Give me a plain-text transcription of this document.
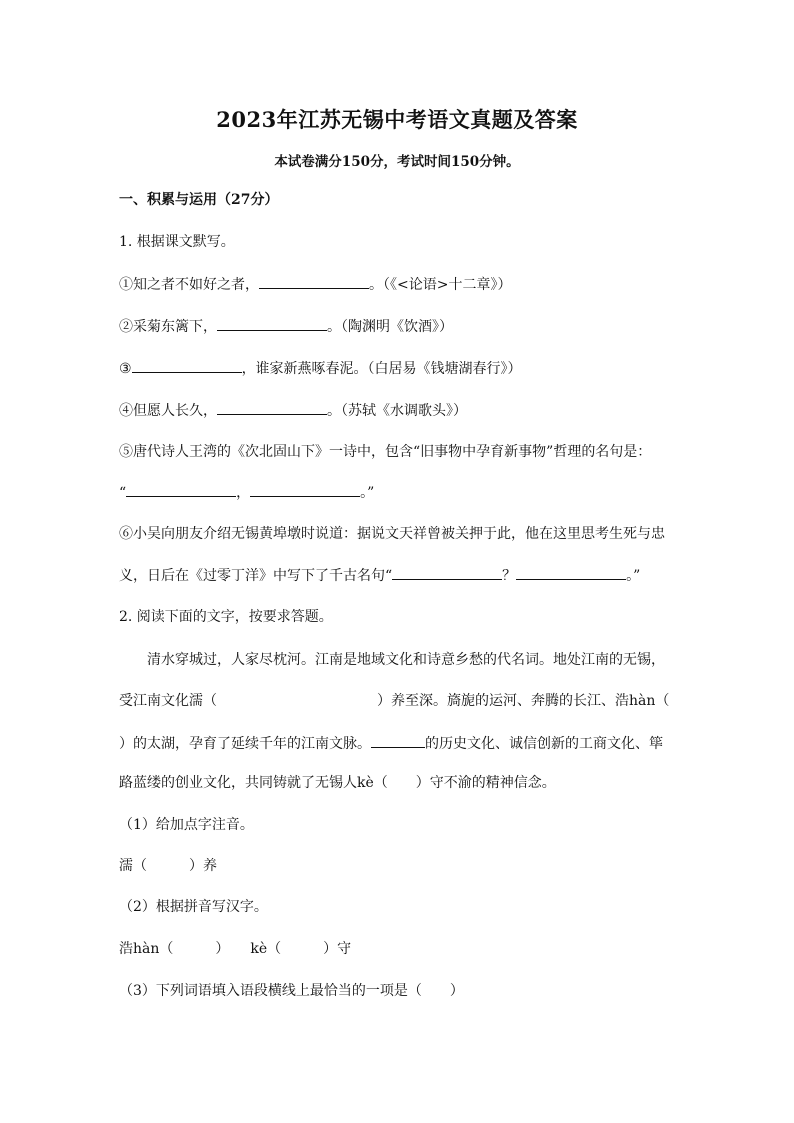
2023年江苏无锡中考语文真题及答案
本试卷满分150分，考试时间150分钟。
一、积累与运用（27分）
1. 根据课文默写。
①知之者不如好之者，	。（《<论语>十二章》）
②采菊东篱下，	。（陶渊明《饮酒》）
③	，谁家新燕啄春泥。（白居易《钱塘湖春行》）
④但愿人长久，	。（苏轼《水调歌头》）
⑤唐代诗人王湾的《次北固山下》一诗中，包含“旧事物中孕育新事物”哲理的名句是：
“	，	。”
⑥小吴向朋友介绍无锡黄埠墩时说道：据说文天祥曾被关押于此，他在这里思考生死与忠
义，日后在《过零丁洋》中写下了千古名句“	？	。”
2. 阅读下面的文字，按要求答题。
清水穿城过，人家尽枕河。江南是地域文化和诗意乡愁的代名词。地处江南的无锡，
受江南文化濡（	）养至深。旖旎的运河、奔腾的长江、浩hàn（
）的太湖，孕育了延续千年的江南文脉。	的历史文化、诚信创新的工商文化、筚
路蓝缕的创业文化，共同铸就了无锡人kè（　　）守不渝的精神信念。
（1）给加点字注音。
濡（　　　）养
（2）根据拼音写汉字。
浩hàn（　　　）　　kè（　　　）守
（3）下列词语填入语段横线上最恰当的一项是（　　）
